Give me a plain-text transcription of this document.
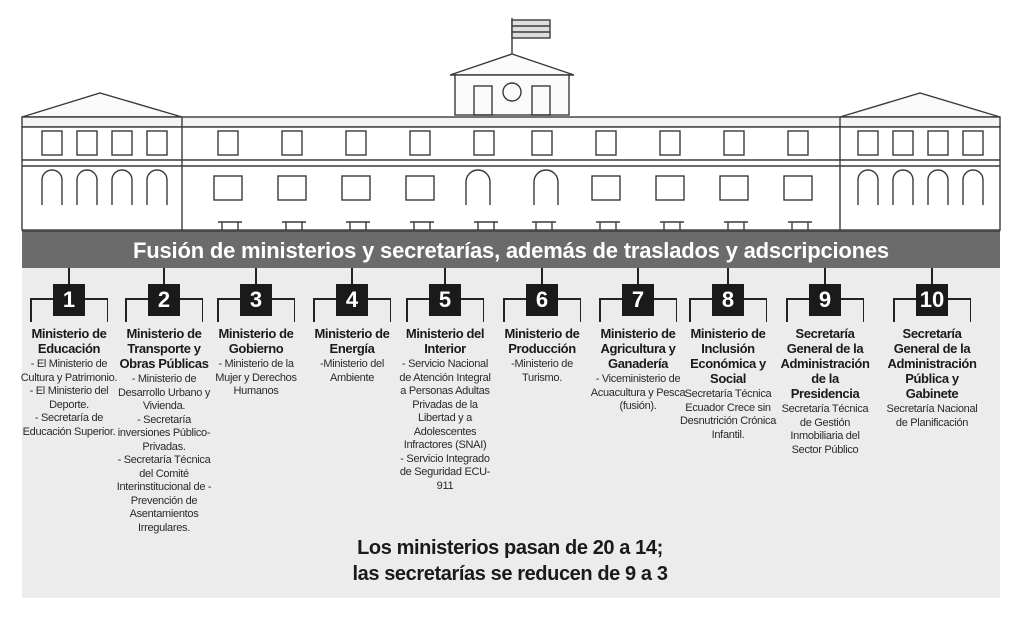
Fusión de ministerios y secretarías, además de traslados y adscripciones
1
Ministerio de Educación
- El Ministerio de Cultura y Patrimonio.
- El Ministerio del Deporte.
- Secretaría de Educación Superior.
2
Ministerio de Transporte y Obras Públicas
- Ministerio de Desarrollo Urbano y Vivienda.
- Secretaría inversiones Público-Privadas.
- Secretaría Técnica del Comité Interinstitucional de - Prevención de Asentamientos Irregulares.
3
Ministerio de Gobierno
- Ministerio de la Mujer y Derechos Humanos
4
Ministerio de Energía
-Ministerio del Ambiente
5
Ministerio del Interior
- Servicio Nacional de Atención Integral a Personas Adultas Privadas de la Libertad y a Adolescentes Infractores (SNAI)
- Servicio Integrado de Seguridad ECU-911
6
Ministerio de Producción
-Ministerio de Turismo.
7
Ministerio de Agricultura y Ganadería
- Viceministerio de Acuacultura y Pesca (fusión).
8
Ministerio de Inclusión Económica y Social
Secretaría Técnica Ecuador Crece sin Desnutrición Crónica Infantil.
9
Secretaría General de la Administración de la Presidencia
Secretaría Técnica de Gestión Inmobiliaria del Sector Público
10
Secretaría General de la Administración Pública y Gabinete
Secretaría Nacional de Planificación
Los ministerios pasan de 20 a 14;
las secretarías se reducen de 9 a 3
